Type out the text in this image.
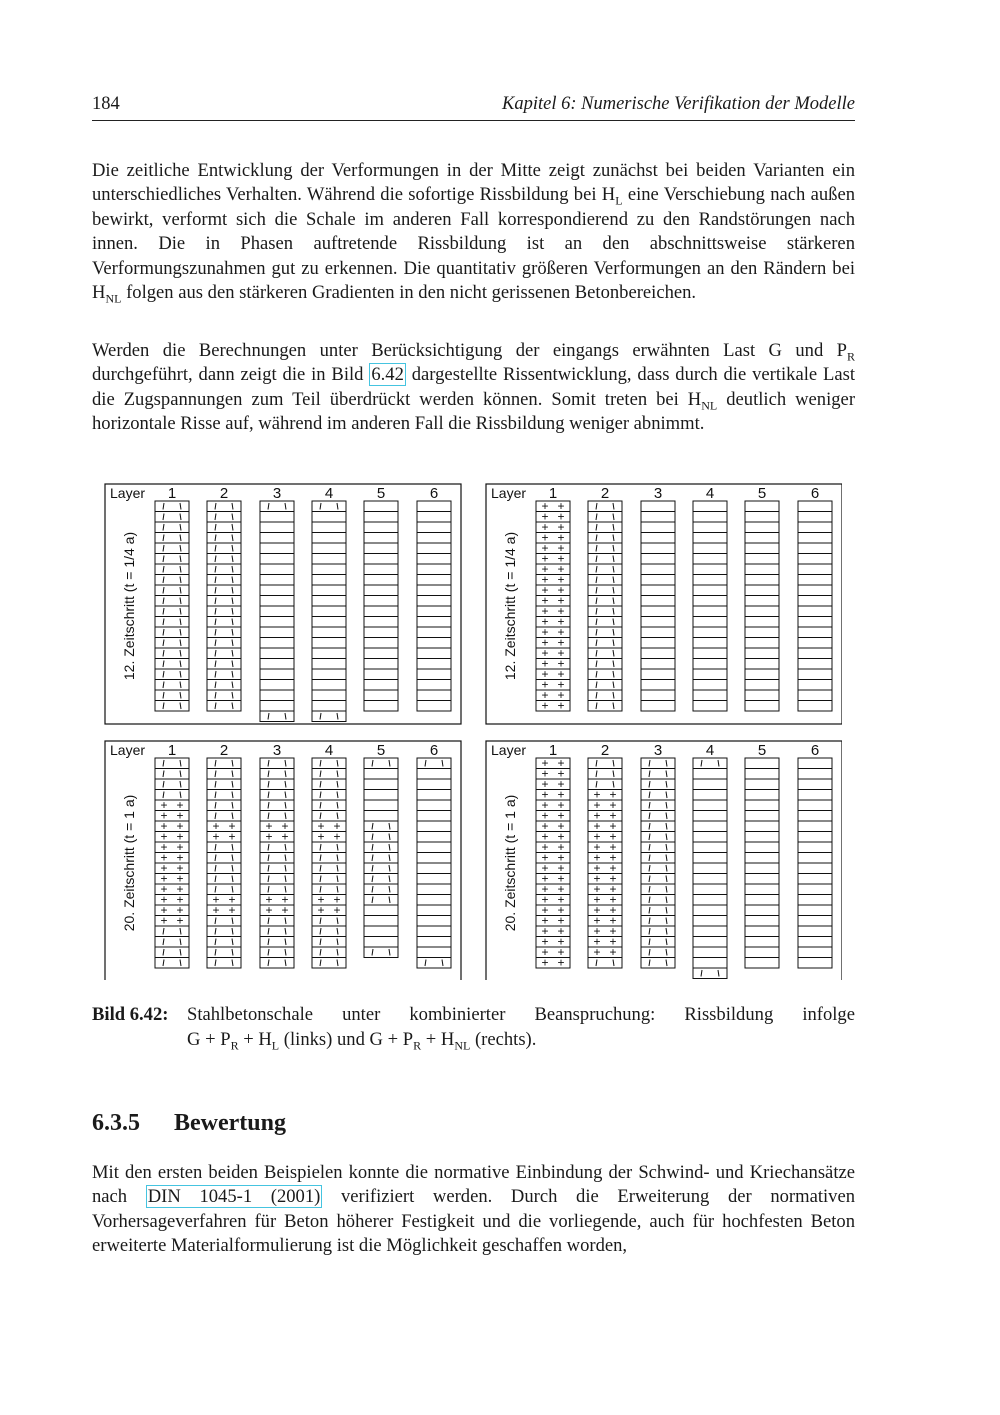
184	Kapitel 6: Numerische Verifikation der Modelle

Die zeitliche Entwicklung der Verformungen in der Mitte zeigt zunächst bei beiden Varianten ein unterschiedliches Verhalten. Während die sofortige Rissbildung bei $H_L$ eine Verschiebung nach außen bewirkt, verformt sich die Schale im anderen Fall korrespondierend zu den Randstörungen nach innen. Die in Phasen auftretende Rissbildung ist an den abschnittsweise stärkeren Verformungszunahmen gut zu erkennen. Die quantitativ größeren Verformungen an den Rändern bei $H_{NL}$ folgen aus den stärkeren Gradienten in den nicht gerissenen Betonbereichen.

Werden die Berechnungen unter Berücksichtigung der eingangs erwähnten Last G und $P_R$ durchgeführt, dann zeigt die in Bild 6.42 dargestellte Rissentwicklung, dass durch die vertikale Last die Zugspannungen zum Teil überdrückt werden können. Somit treten bei $H_{NL}$ deutlich weniger horizontale Risse auf, während im anderen Fall die Rissbildung weniger abnimmt.

Layer 1	2	3	4	5	6
12. Zeitschritt (t = 1/4 a)
Layer 1	2	3	4	5	6
12. Zeitschritt (t = 1/4 a)
+ +
+ +
+ +
+ +
+ +
+ +
+ +
+ +
+ +
+ +
+ +
+ +
+ +
+ +
+ +
+ +
+ +
+ +
+ +
+ +
Layer 1	2	3	4	5	6
20. Zeitschritt (t = 1 a) + +
+ +
+ +
+ +
+ +
+ +
+ +
+ +
+ +
+ +
+ +
+ +
+ +
+ +
+ +
+ +
+ +
+ +
+ +
+ +
+ +
+ +
+ +
+ +
Layer 1	2	3	4	5	6
20. Zeitschritt (t = 1 a)
+ +
+ +
+ +
+ +
+ +
+ +
+ +
+ +
+ +
+ +
+ +
+ +
+ +
+ +
+ +
+ +
+ +
+ +
+ +
+ +
+ +
+ +
+ +
+ +
+ +
+ +
+ +
+ +
+ +
+ +
+ +
+ +
+ +
+ +
+ +
+ +
Bild 6.42: Stahlbetonschale unter kombinierter Beanspruchung: Rissbildung infolge
$G + P_R + H_L$ (links) und $G + P_R + H_{NL}$ (rechts).
6.3.5 Bewertung

Mit den ersten beiden Beispielen konnte die normative Einbindung der Schwind- und Kriechansätze nach DIN 1045-1 (2001) verifiziert werden. Durch die Erweiterung der normativen Vorhersageverfahren für Beton höherer Festigkeit und die vorliegende, auch für hochfesten Beton erweiterte Materialformulierung ist die Möglichkeit geschaffen worden,
